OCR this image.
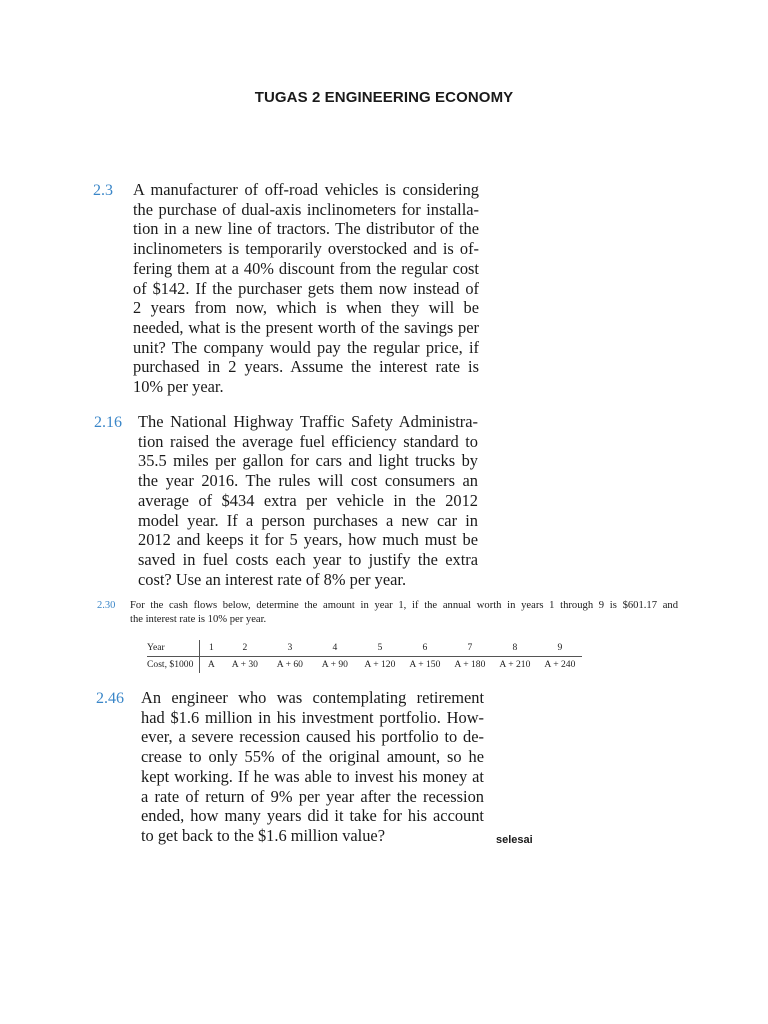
TUGAS 2 ENGINEERING ECONOMY
2.3 A manufacturer of off-road vehicles is considering
the purchase of dual-axis inclinometers for installa-
tion in a new line of tractors. The distributor of the
inclinometers is temporarily overstocked and is of-
fering them at a 40% discount from the regular cost
of $142. If the purchaser gets them now instead of
2 years from now, which is when they will be
needed, what is the present worth of the savings per
unit? The company would pay the regular price, if
purchased in 2 years. Assume the interest rate is
10% per year.
2.16 The National Highway Traffic Safety Administra-
tion raised the average fuel efficiency standard to
35.5 miles per gallon for cars and light trucks by
the year 2016. The rules will cost consumers an
average of $434 extra per vehicle in the 2012
model year. If a person purchases a new car in
2012 and keeps it for 5 years, how much must be
saved in fuel costs each year to justify the extra
cost? Use an interest rate of 8% per year.
2.30 For the cash flows below, determine the amount in year 1, if the annual worth in years 1 through 9 is $601.17 and
the interest rate is 10% per year.
Year	1	2	3	4	5	6	7	8	9
Cost, $1000	A	A + 30	A + 60	A + 90	A + 120	A + 150	A + 180	A + 210	A + 240
2.46 An engineer who was contemplating retirement
had $1.6 million in his investment portfolio. How-
ever, a severe recession caused his portfolio to de-
crease to only 55% of the original amount, so he
kept working. If he was able to invest his money at
a rate of return of 9% per year after the recession
ended, how many years did it take for his account
to get back to the $1.6 million value?	selesai
